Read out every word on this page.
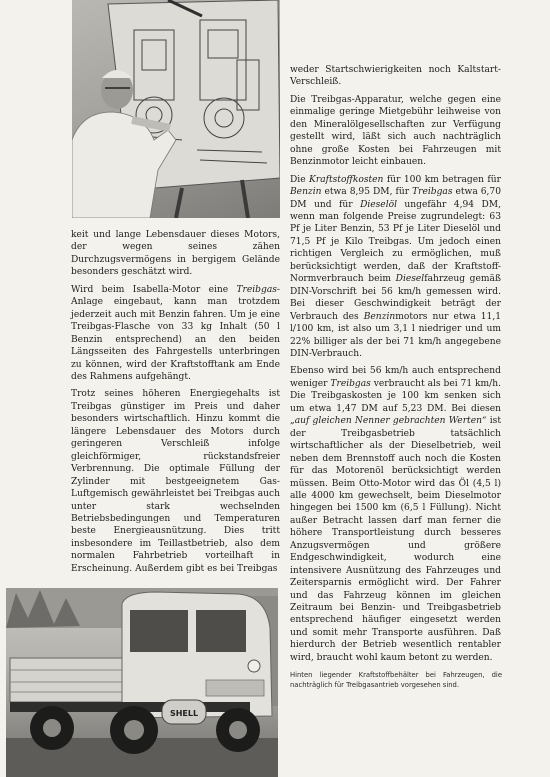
keit und lange Lebensdauer dieses Motors, der wegen seines zähen Durchzugsvermögens in bergigem Gelände besonders geschätzt wird.

Wird beim Isabella-Motor eine Treibgas-Anlage eingebaut, kann man trotzdem jederzeit auch mit Benzin fahren. Um je eine Treibgas-Flasche von 33 kg Inhalt (50 l Benzin entsprechend) an den beiden Längsseiten des Fahrgestells unterbringen zu können, wird der Kraftstofftank am Ende des Rahmens aufgehängt.

Trotz seines höheren Energiegehalts ist Treibgas günstiger im Preis und daher besonders wirtschaftlich. Hinzu kommt die längere Lebensdauer des Motors durch geringeren Verschleiß infolge gleichförmiger, rückstandsfreier Verbrennung. Die optimale Füllung der Zylinder mit bestgeeignetem Gas-Luftgemisch gewährleistet bei Treibgas auch unter stark wechselnden Betriebsbedingungen und Temperaturen beste Energieausnützung. Dies tritt insbesondere im Teillastbetrieb, also dem normalen Fahrbetrieb vorteilhaft in Erscheinung. Außerdem gibt es bei Treibgas

weder Startschwierigkeiten noch Kaltstart-Verschleiß.

Die Treibgas-Apparatur, welche gegen eine einmalige geringe Mietgebühr leihweise von den Mineralölgesellschaften zur Verfügung gestellt wird, läßt sich auch nachträglich ohne große Kosten bei Fahrzeugen mit Benzinmotor leicht einbauen.

Die Kraftstoffkosten für 100 km betragen für Benzin etwa 8,95 DM, für Treibgas etwa 6,70 DM und für Dieselöl ungefähr 4,94 DM, wenn man folgende Preise zugrundelegt: 63 Pf je Liter Benzin, 53 Pf je Liter Dieselöl und 71,5 Pf je Kilo Treibgas. Um jedoch einen richtigen Vergleich zu ermöglichen, muß berücksichtigt werden, daß der Kraftstoff-Normverbrauch beim Dieselfahrzeug gemäß DIN-Vorschrift bei 56 km/h gemessen wird. Bei dieser Geschwindigkeit beträgt der Verbrauch des Benzinmotors nur etwa 11,1 l/100 km, ist also um 3,1 l niedriger und um 22% billiger als der bei 71 km/h angegebene DIN-Verbrauch.

Ebenso wird bei 56 km/h auch entsprechend weniger Treibgas verbraucht als bei 71 km/h. Die Treibgaskosten je 100 km senken sich um etwa 1,47 DM auf 5,23 DM. Bei diesen „auf gleichen Nenner gebrachten Werten“ ist der Treibgasbetrieb tatsächlich wirtschaftlicher als der Dieselbetrieb, weil neben dem Brennstoff auch noch die Kosten für das Motorenöl berücksichtigt werden müssen. Beim Otto-Motor wird das Öl (4,5 l) alle 4000 km gewechselt, beim Dieselmotor hingegen bei 1500 km (6,5 l Füllung). Nicht außer Betracht lassen darf man ferner die höhere Transportleistung durch besseres Anzugsvermögen und größere Endgeschwindigkeit, wodurch eine intensivere Ausnützung des Fahrzeuges und Zeitersparnis ermöglicht wird. Der Fahrer und das Fahrzeug können im gleichen Zeitraum bei Benzin- und Treibgasbetrieb entsprechend häufiger eingesetzt werden und somit mehr Transporte ausführen. Daß hierdurch der Betrieb wesentlich rentabler wird, braucht wohl kaum betont zu werden.

SHELL
Hinten liegender Kraftstoffbehälter bei Fahrzeugen, die nachträglich für Treibgasantrieb vorgesehen sind.
